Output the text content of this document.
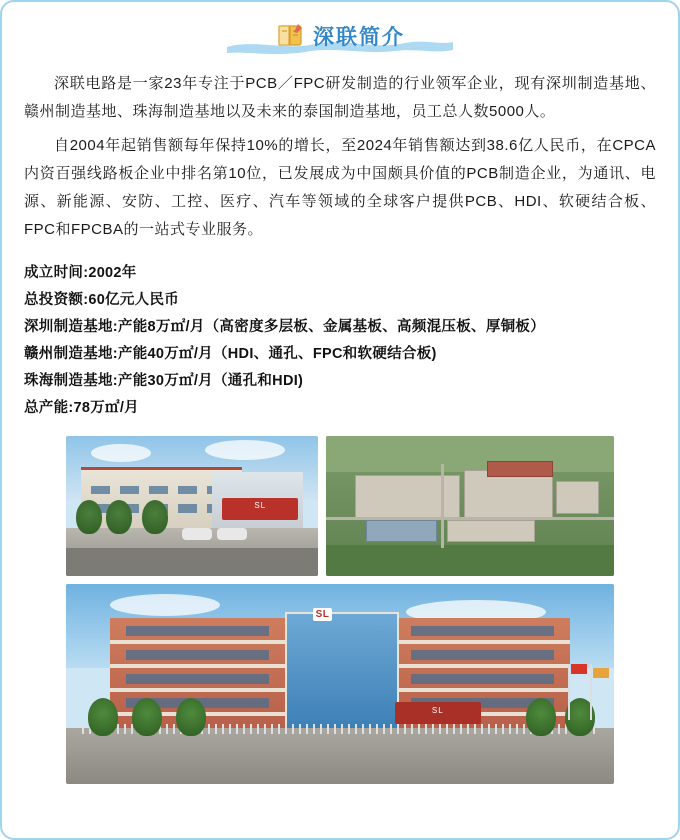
深联简介

深联电路是一家23年专注于PCB／FPC研发制造的行业领军企业，现有深圳制造基地、赣州制造基地、珠海制造基地以及未来的泰国制造基地，员工总人数5000人。

自2004年起销售额每年保持10%的增长，至2024年销售额达到38.6亿人民币，在CPCA内资百强线路板企业中排名第10位，已发展成为中国颇具价值的PCB制造企业，为通讯、电源、新能源、安防、工控、医疗、汽车等领域的全球客户提供PCB、HDI、软硬结合板、FPC和FPCBA的一站式专业服务。

成立时间:2002年
总投资额:60亿元人民币
深圳制造基地:产能8万㎡/月（高密度多层板、金属基板、高频混压板、厚铜板）
赣州制造基地:产能40万㎡/月（HDI、通孔、FPC和软硬结合板)
珠海制造基地:产能30万㎡/月（通孔和HDI)
总产能:78万㎡/月
SL
SL
SL
